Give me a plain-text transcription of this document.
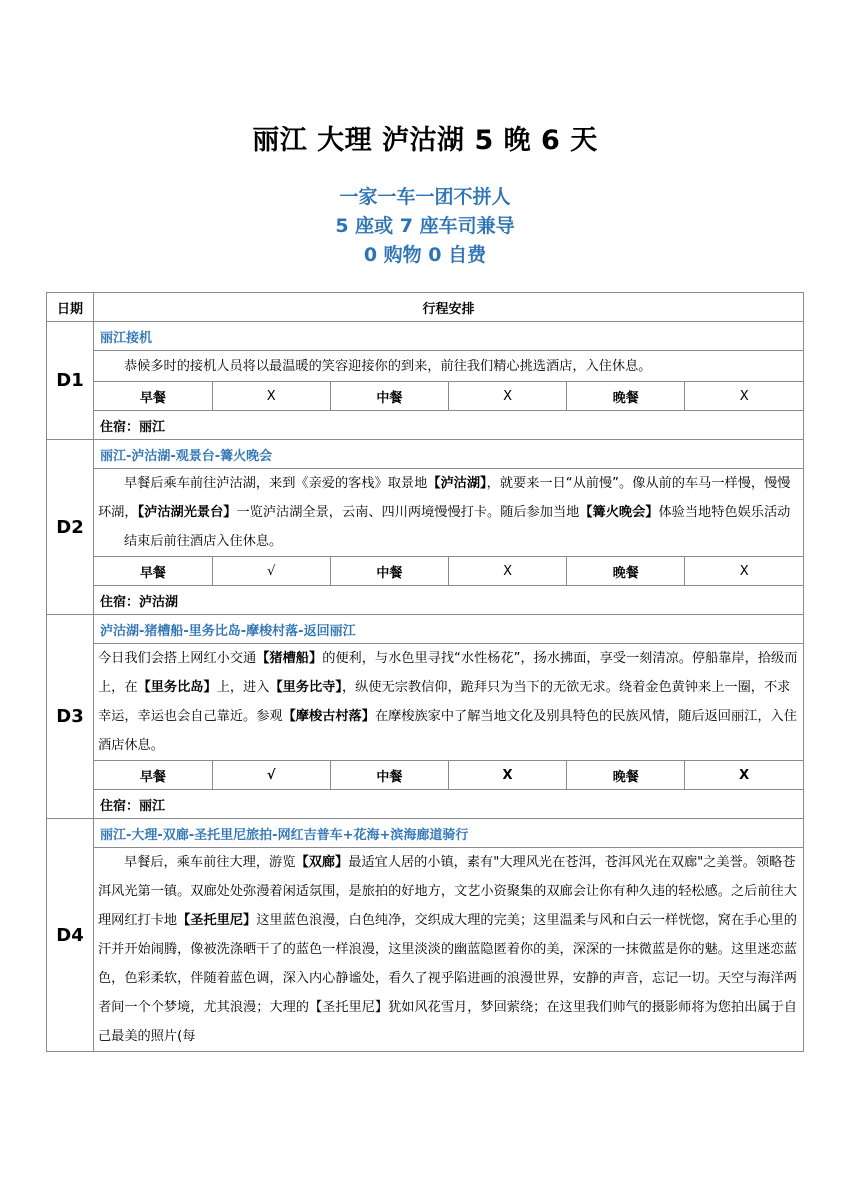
丽江 大理 泸沽湖 5 晚 6 天
一家一车一团不拼人
5 座或 7 座车司兼导
0 购物 0 自费
日期	行程安排
D1	丽江接机

恭候多时的接机人员将以最温暖的笑容迎接你的到来，前往我们精心挑选酒店，入住休息。

早餐	X	中餐	X	晚餐	X

住宿：丽江
D2	丽江-泸沽湖-观景台-篝火晚会

早餐后乘车前往泸沽湖，来到《亲爱的客栈》取景地【泸沽湖】，就要来一日“从前慢”。像从前的车马一样慢，慢慢环湖，【泸沽湖光景台】一览泸沽湖全景，云南、四川两境慢慢打卡。随后参加当地【篝火晚会】体验当地特色娱乐活动

结束后前往酒店入住休息。

早餐	√	中餐	X	晚餐	X

住宿：泸沽湖
D3	泸沽湖-猪槽船-里务比岛-摩梭村落-返回丽江

今日我们会搭上网红小交通【猪槽船】的便利，与水色里寻找“水性杨花”，扬水拂面，享受一刻清凉。停船靠岸，拾级而上，在【里务比岛】上，进入【里务比寺】，纵使无宗教信仰，跪拜只为当下的无欲无求。绕着金色黄钟来上一圈，不求幸运，幸运也会自己靠近。参观【摩梭古村落】在摩梭族家中了解当地文化及别具特色的民族风情，随后返回丽江，入住酒店休息。

早餐	√	中餐	X	晚餐	X

住宿：丽江
D4	丽江-大理-双廊-圣托里尼旅拍-网红吉普车+花海+滨海廊道骑行

早餐后，乘车前往大理，游览【双廊】最适宜人居的小镇，素有"大理风光在苍洱，苍洱风光在双廊"之美誉。领略苍洱风光第一镇。双廊处处弥漫着闲适氛围，是旅拍的好地方，文艺小资聚集的双廊会让你有种久违的轻松感。之后前往大理网红打卡地【圣托里尼】这里蓝色浪漫，白色纯净，交织成大理的完美；这里温柔与风和白云一样恍惚，窝在手心里的汗并开始闹腾，像被洗涤晒干了的蓝色一样浪漫，这里淡淡的幽蓝隐匿着你的美，深深的一抹微蓝是你的魅。这里迷恋蓝色，色彩柔软，伴随着蓝色调，深入内心静谧处，看久了视乎陷进画的浪漫世界，安静的声音，忘记一切。天空与海洋两者间一个个梦境，尤其浪漫；大理的【圣托里尼】犹如风花雪月，梦回萦绕；在这里我们帅气的摄影师将为您拍出属于自己最美的照片(每
